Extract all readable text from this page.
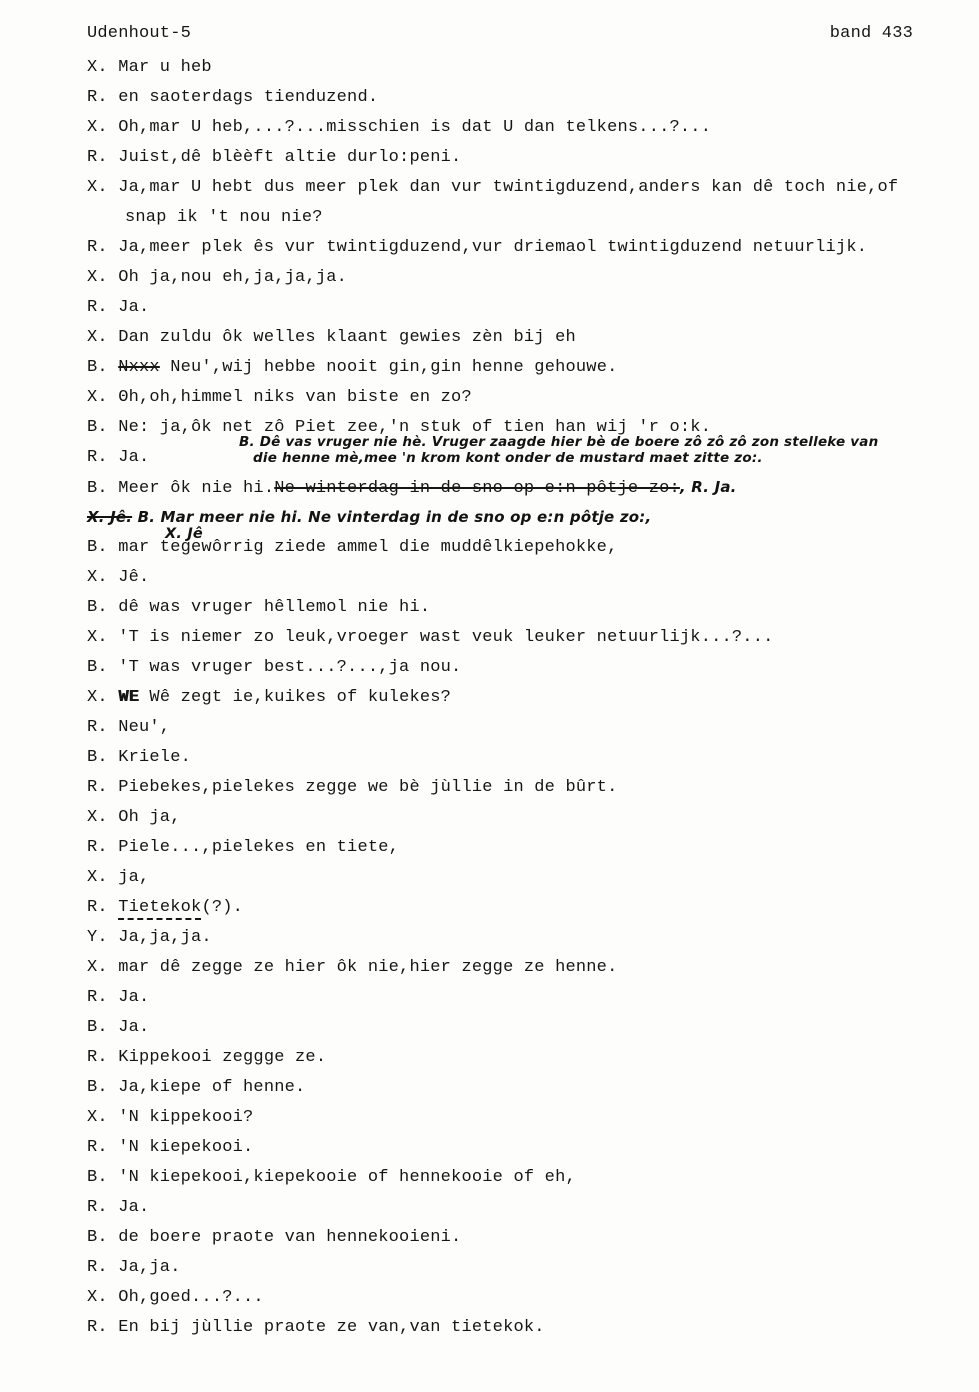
Udenhout-5	band 433
X. Mar u heb
R. en saoterdags tienduzend.
X. Oh,mar U heb,...?...misschien is dat U dan telkens...?...
R. Juist,dê blèèft altie durlo:peni.
X. Ja,mar U hebt dus meer plek dan vur twintigduzend,anders kan dê toch nie,of
snap ik 't nou nie?
R. Ja,meer plek ês vur twintigduzend,vur driemaol twintigduzend netuurlijk.
X. Oh ja,nou eh,ja,ja,ja.
R. Ja.
X. Dan zuldu ôk welles klaant gewies zèn bij eh
B. Nxxx Neu',wij hebbe nooit gin,gin henne gehouwe.
X. Θh,oh,himmel niks van biste en zo?
B. Ne: ja,ôk net zô Piet zee,'n stuk of tien han wij 'r o:k.
R. Ja.
B. Dê vas vruger nie hè. Vruger zaagde hier bè de boere zô zô zô zon stelleke van
die henne mè,mee 'n krom kont onder de mustard maet zitte zo:.
B. Meer ôk nie hi.Ne winterdag in de sno op e:n pôtje zo:, R. Ja.
X. Jê. B. Mar meer nie hi. Ne vinterdag in de sno op e:n pôtje zo:,
X. Jê
B. mar tegewôrrig ziede ammel die muddêlkiepehokke,
X. Jê.
B. dê was vruger hêllemol nie hi.
X. 'T is niemer zo leuk,vroeger wast veuk leuker netuurlijk...?...
B. 'T was vruger best...?...,ja nou.
X. WE Wê zegt ie,kuikes of kulekes?
R. Neu',
B. Kriele.
R. Piebekes,pielekes zegge we bè jùllie in de bûrt.
X. Oh ja,
R. Piele...,pielekes en tiete,
X. ja,
R. Tietekok(?).
Y. Ja,ja,ja.
X. mar dê zegge ze hier ôk nie,hier zegge ze henne.
R. Ja.
B. Ja.
R. Kippekooi zeggge ze.
B. Ja,kiepe of henne.
X. 'N kippekooi?
R. 'N kiepekooi.
B. 'N kiepekooi,kiepekooie of hennekooie of eh,
R. Ja.
B. de boere praote van hennekooieni.
R. Ja,ja.
X. Oh,goed...?...
R. En bij jùllie praote ze van,van tietekok.
